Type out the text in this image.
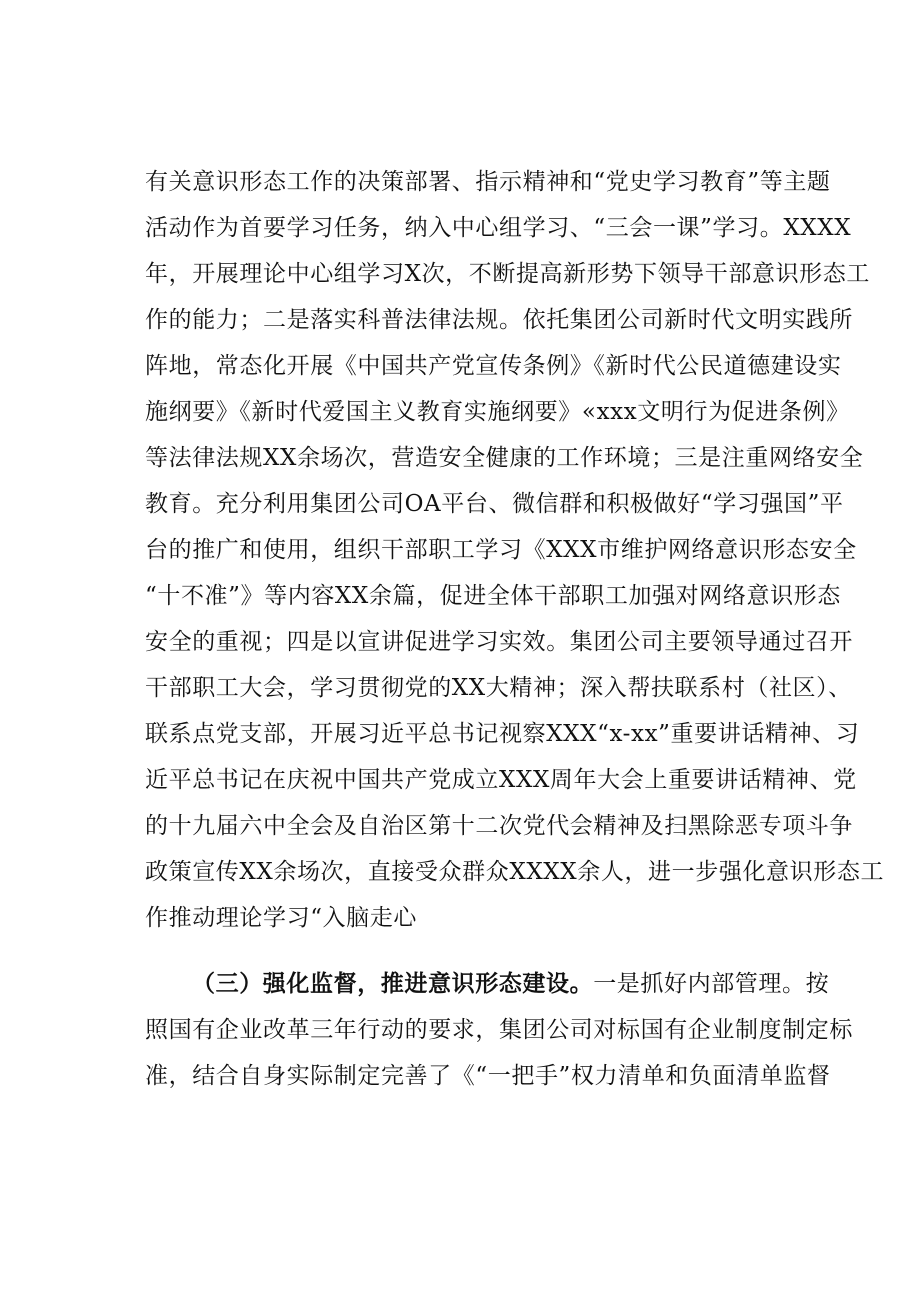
有关意识形态工作的决策部署、指示精神和“党史学习教育”等主题
活动作为首要学习任务，纳入中心组学习、“三会一课”学习。XXXX
年，开展理论中心组学习X次，不断提高新形势下领导干部意识形态工
作的能力；二是落实科普法律法规。依托集团公司新时代文明实践所
阵地，常态化开展《中国共产党宣传条例》《新时代公民道德建设实
施纲要》《新时代爱国主义教育实施纲要》«xxx文明行为促进条例》
等法律法规XX余场次，营造安全健康的工作环境；三是注重网络安全
教育。充分利用集团公司OA平台、微信群和积极做好“学习强国”平
台的推广和使用，组织干部职工学习《XXX市维护网络意识形态安全
“十不准”》等内容XX余篇，促进全体干部职工加强对网络意识形态
安全的重视；四是以宣讲促进学习实效。集团公司主要领导通过召开
干部职工大会，学习贯彻党的XX大精神；深入帮扶联系村（社区）、
联系点党支部，开展习近平总书记视察XXX“x-xx”重要讲话精神、习
近平总书记在庆祝中国共产党成立XXX周年大会上重要讲话精神、党
的十九届六中全会及自治区第十二次党代会精神及扫黑除恶专项斗争
政策宣传XX余场次，直接受众群众XXXX余人，进一步强化意识形态工
作推动理论学习“入脑走心
（三）强化监督，推进意识形态建设。一是抓好内部管理。按
照国有企业改革三年行动的要求，集团公司对标国有企业制度制定标
准，结合自身实际制定完善了《“一把手”权力清单和负面清单监督
